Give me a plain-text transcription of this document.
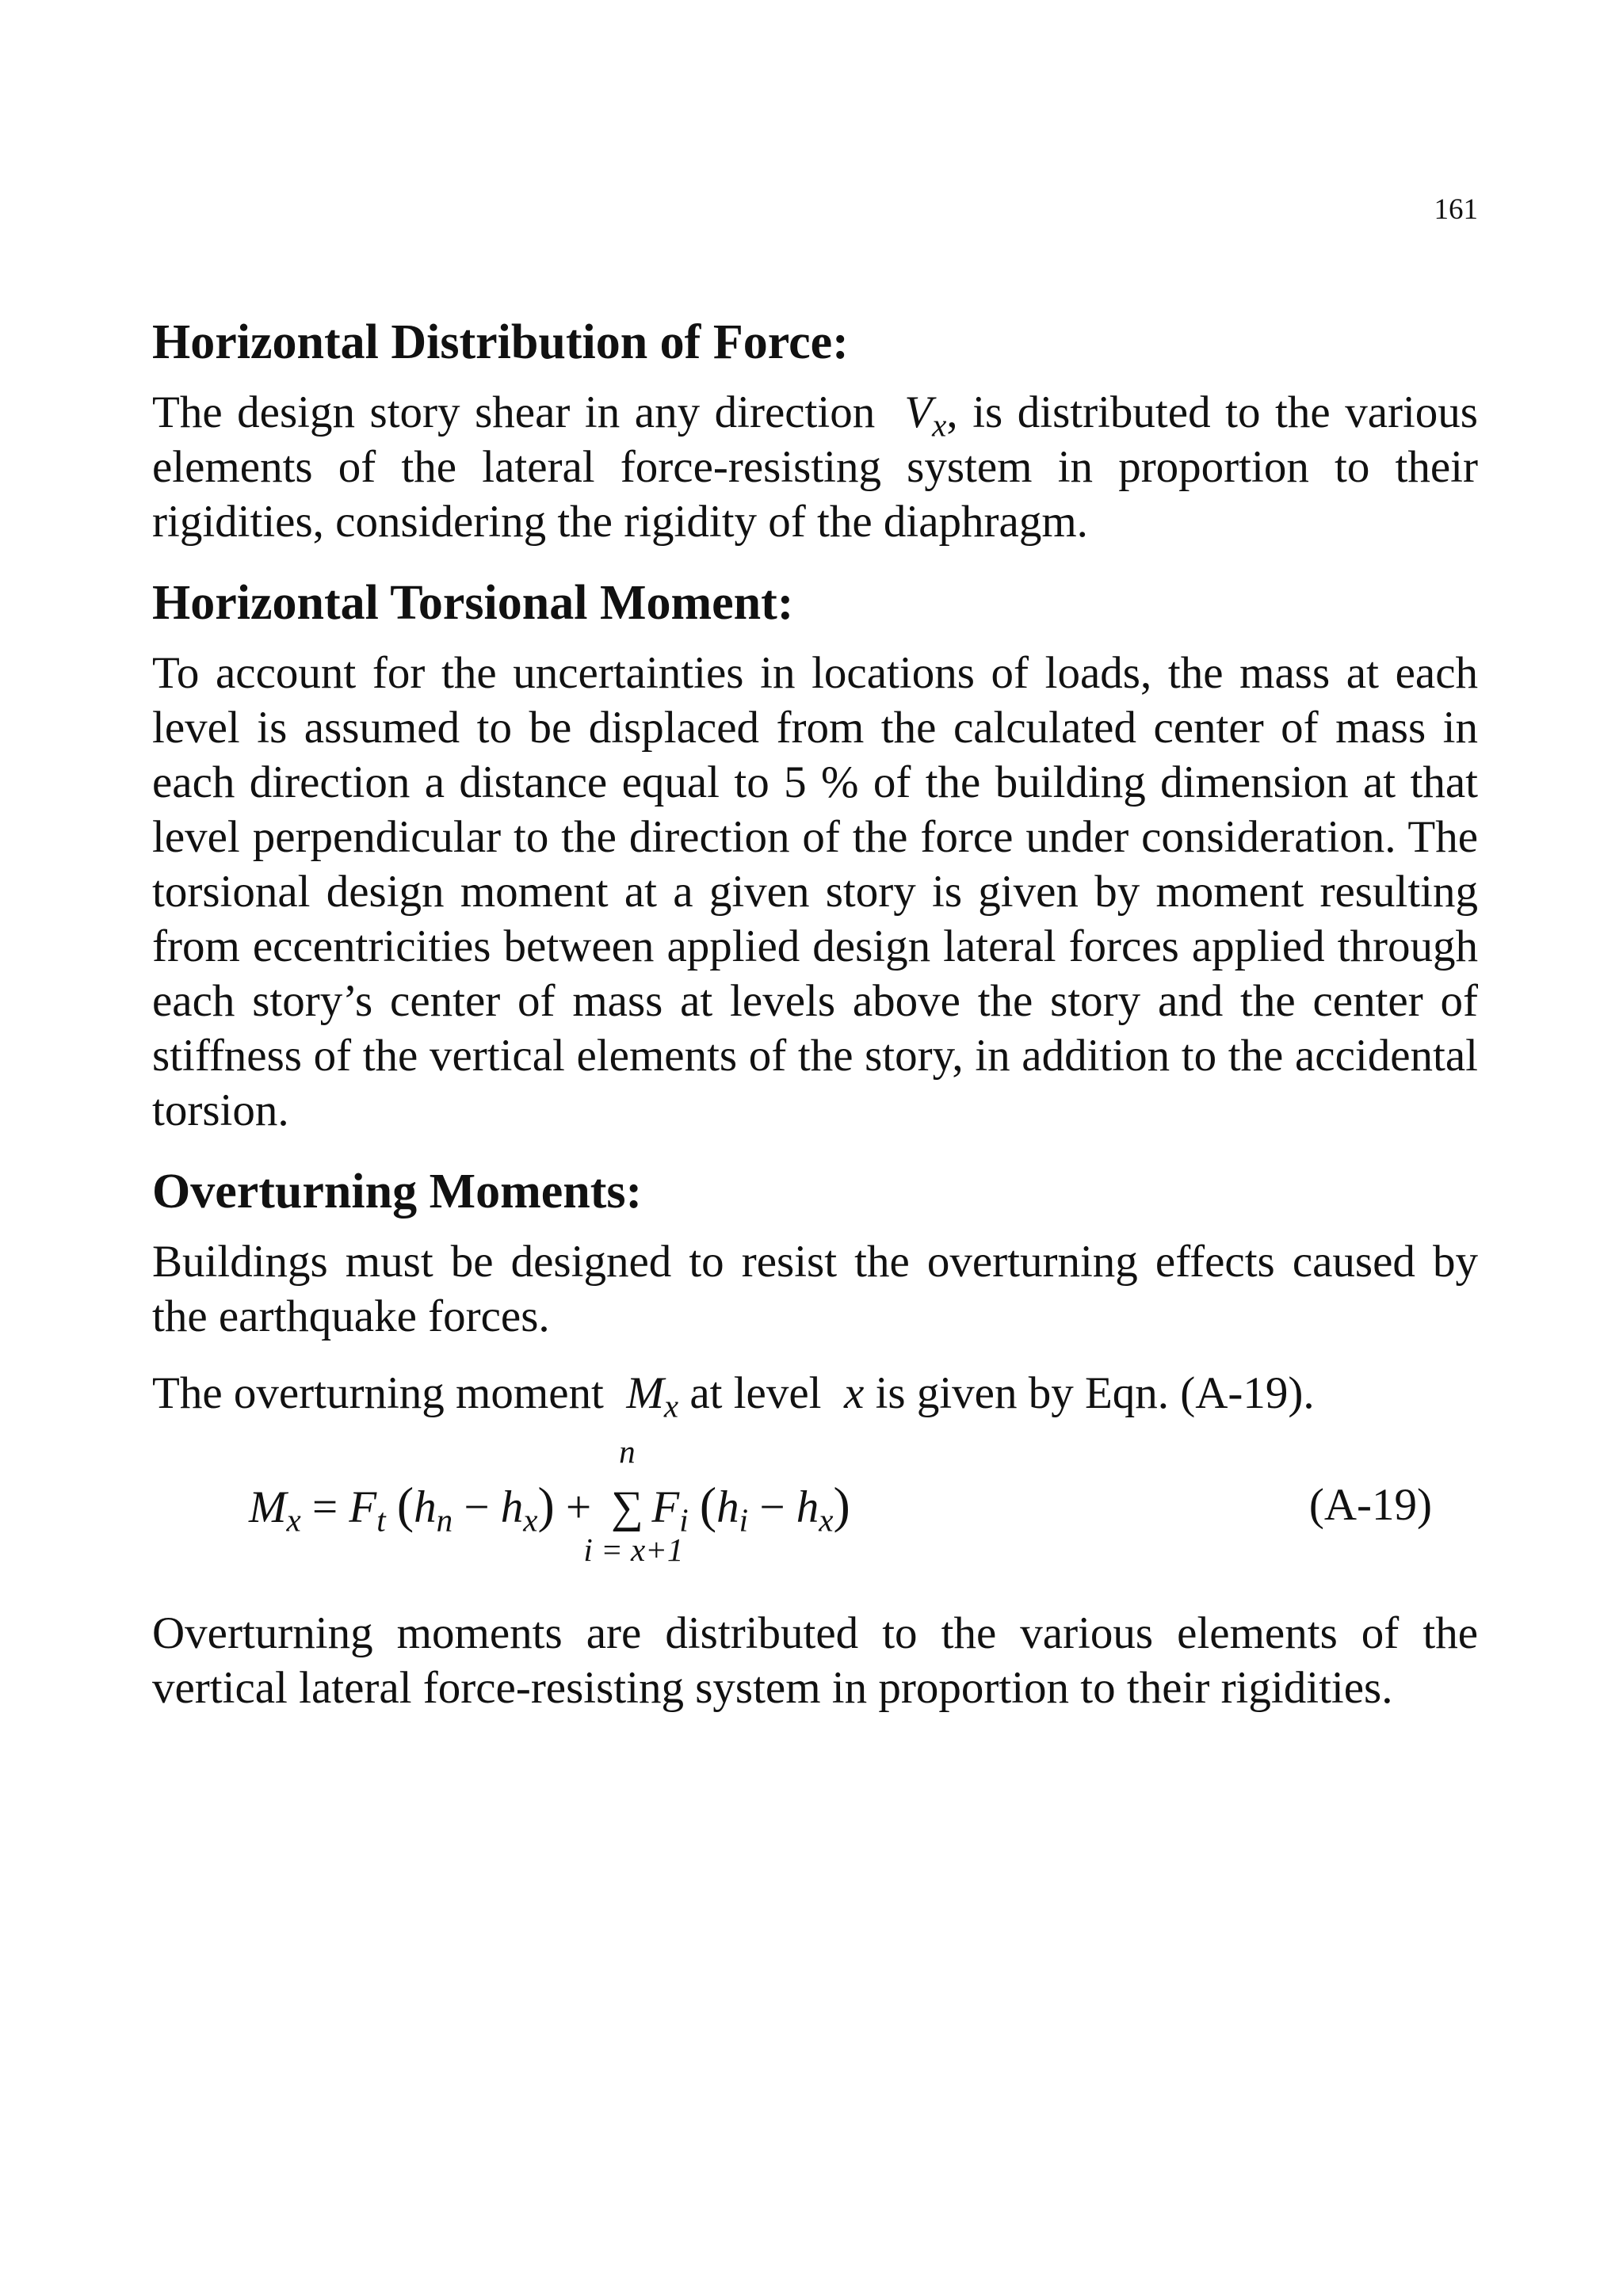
161
Horizontal Distribution of Force:

The design story shear in any direction $V_x$, is distributed to the various elements of the lateral force-resisting system in proportion to their rigidities, considering the rigidity of the diaphragm.

Horizontal Torsional Moment:

To account for the uncertainties in locations of loads, the mass at each level is assumed to be displaced from the calculated center of mass in each direction a distance equal to 5 % of the building dimension at that level perpendicular to the direction of the force under consideration. The torsional design moment at a given story is given by moment resulting from eccentricities between applied design lateral forces applied through each story’s center of mass at levels above the story and the center of stiffness of the vertical elements of the story, in addition to the accidental torsion.

Overturning Moments:

Buildings must be designed to resist the overturning effects caused by the earthquake forces.

The overturning moment $M_x$ at level x is given by Eqn. (A-19).

$M_x = F_t$ $(h_n - h_x)$ +
n
∑
i = x+1
$F_i$ $(h_i - h_x)$	(A-19)

Overturning moments are distributed to the various elements of the vertical lateral force-resisting system in proportion to their rigidities.
